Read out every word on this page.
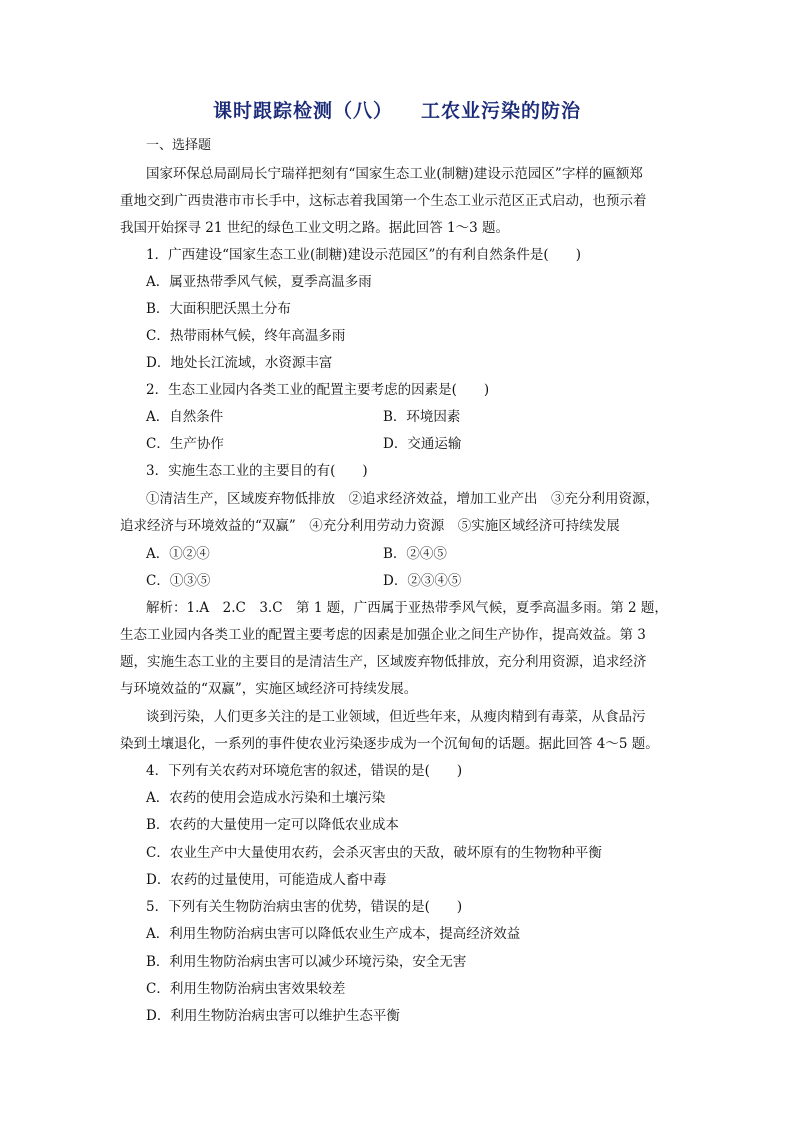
课时跟踪检测（八） 工农业污染的防治
一、选择题
国家环保总局副局长宁瑞祥把刻有“国家生态工业(制糖)建设示范园区”字样的匾额郑
重地交到广西贵港市市长手中，这标志着我国第一个生态工业示范区正式启动，也预示着
我国开始探寻 21 世纪的绿色工业文明之路。据此回答 1～3 题。
1．广西建设“国家生态工业(制糖)建设示范园区”的有利自然条件是(　　)
A．属亚热带季风气候，夏季高温多雨
B．大面积肥沃黑土分布
C．热带雨林气候，终年高温多雨
D．地处长江流域，水资源丰富
2．生态工业园内各类工业的配置主要考虑的因素是(　　)
A．自然条件	B．环境因素
C．生产协作	D．交通运输
3．实施生态工业的主要目的有(　　)
①清洁生产，区域废弃物低排放　②追求经济效益，增加工业产出　③充分利用资源，
追求经济与环境效益的“双赢”　④充分利用劳动力资源　⑤实施区域经济可持续发展
A．①②④	B．②④⑤
C．①③⑤	D．②③④⑤
解析：1.A　2.C　3.C　第 1 题，广西属于亚热带季风气候，夏季高温多雨。第 2 题，
生态工业园内各类工业的配置主要考虑的因素是加强企业之间生产协作，提高效益。第 3
题，实施生态工业的主要目的是清洁生产，区域废弃物低排放，充分利用资源，追求经济
与环境效益的“双赢”，实施区域经济可持续发展。
谈到污染，人们更多关注的是工业领域，但近些年来，从瘦肉精到有毒菜，从食品污
染到土壤退化，一系列的事件使农业污染逐步成为一个沉甸甸的话题。据此回答 4～5 题。
4．下列有关农药对环境危害的叙述，错误的是(　　)
A．农药的使用会造成水污染和土壤污染
B．农药的大量使用一定可以降低农业成本
C．农业生产中大量使用农药，会杀灭害虫的天敌，破坏原有的生物物种平衡
D．农药的过量使用，可能造成人畜中毒
5．下列有关生物防治病虫害的优势，错误的是(　　)
A．利用生物防治病虫害可以降低农业生产成本，提高经济效益
B．利用生物防治病虫害可以减少环境污染，安全无害
C．利用生物防治病虫害效果较差
D．利用生物防治病虫害可以维护生态平衡
